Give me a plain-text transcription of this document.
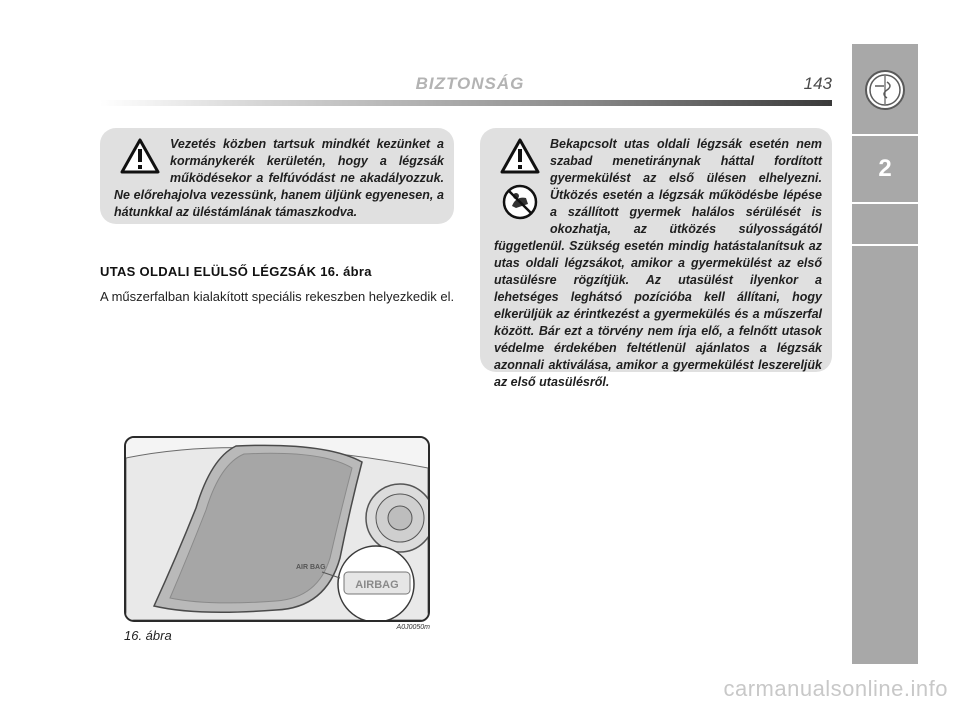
2
BIZTONSÁG	143
Vezetés közben tartsuk mindkét kezünket a kormánykerék kerületén, hogy a légzsák működésekor a felfúvódást ne akadályozzuk. Ne előrehajolva vezessünk, hanem üljünk egyenesen, a hátunkkal az üléstámlának támaszkodva.
Bekapcsolt utas oldali légzsák esetén nem szabad menetiránynak háttal fordított gyermekülést az első ülésen elhelyezni. Ütközés esetén a légzsák működésbe lépése a szállított gyermek halálos sérülését is okozhatja, az ütközés súlyosságától függetlenül. Szükség esetén mindig hatástalanítsuk az utas oldali légzsákot, amikor a gyermekülést az első utasülésre rögzítjük. Az utasülést ilyenkor a lehetséges leghátsó pozícióba kell állítani, hogy elkerüljük az érintkezést a gyermekülés és a műszerfal között. Bár ezt a törvény nem írja elő, a felnőtt utasok védelme érdekében feltétlenül ajánlatos a légzsák azonnali aktiválása, amikor a gyermekülést leszereljük az első utasülésről.
UTAS OLDALI ELÜLSŐ LÉGZSÁK 16. ábra
A műszerfalban kialakított speciális rekeszben helyezkedik el.
AIR BAG
AIRBAG
16. ábra
A0J0050m
carmanualsonline.info
